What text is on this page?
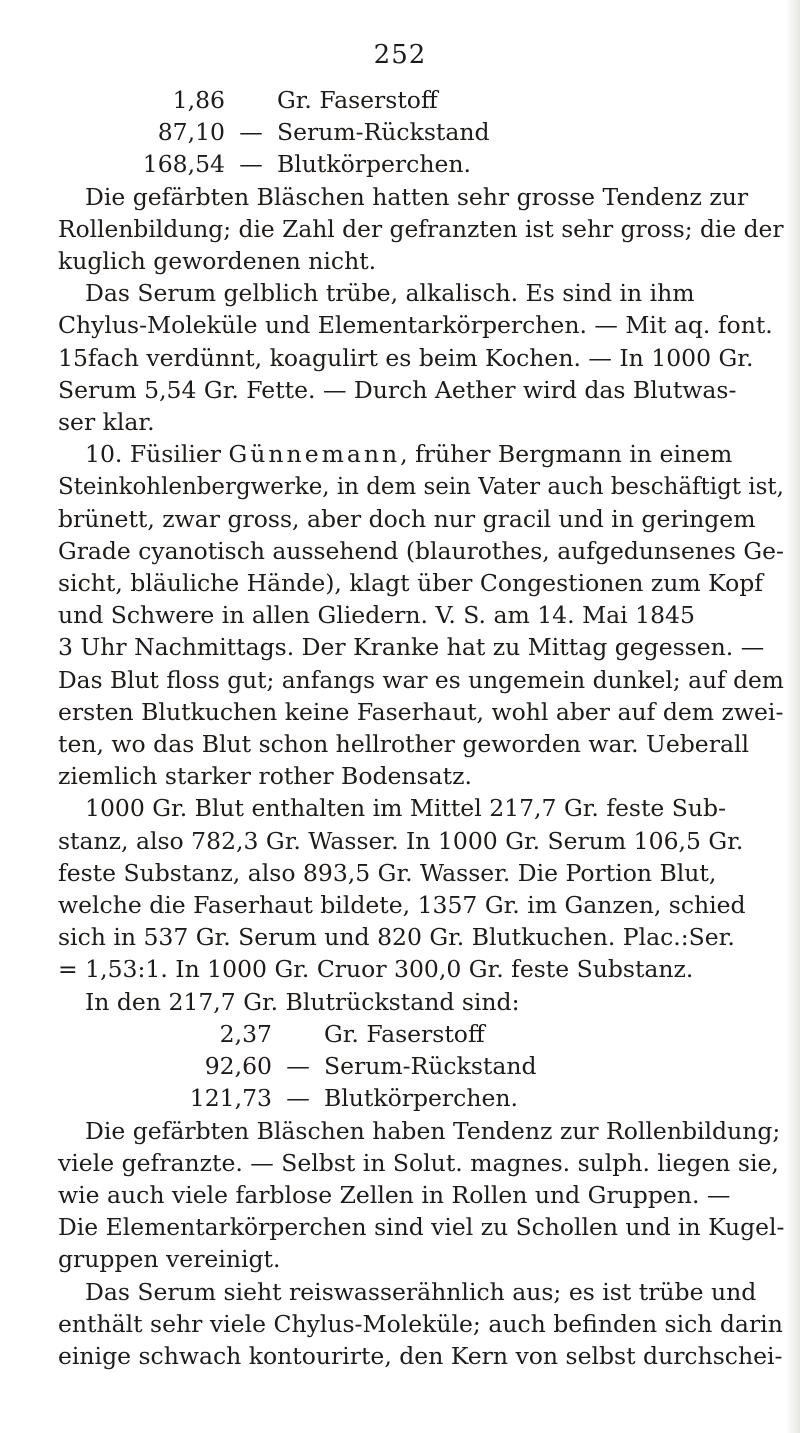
252
1,86 Gr. Faserstoff
87,10 — Serum-Rückstand
168,54 — Blutkörperchen.
Die gefärbten Bläschen hatten sehr grosse Tendenz zur
Rollenbildung; die Zahl der gefranzten ist sehr gross; die der
kuglich gewordenen nicht.
Das Serum gelblich trübe, alkalisch. Es sind in ihm
Chylus-Moleküle und Elementarkörperchen. — Mit aq. font.
15fach verdünnt, koagulirt es beim Kochen. — In 1000 Gr.
Serum 5,54 Gr. Fette. — Durch Aether wird das Blutwas-
ser klar.
10. Füsilier Günnemann, früher Bergmann in einem
Steinkohlenbergwerke, in dem sein Vater auch beschäftigt ist,
brünett, zwar gross, aber doch nur gracil und in geringem
Grade cyanotisch aussehend (blaurothes, aufgedunsenes Ge-
sicht, bläuliche Hände), klagt über Congestionen zum Kopf
und Schwere in allen Gliedern. V. S. am 14. Mai 1845
3 Uhr Nachmittags. Der Kranke hat zu Mittag gegessen. —
Das Blut floss gut; anfangs war es ungemein dunkel; auf dem
ersten Blutkuchen keine Faserhaut, wohl aber auf dem zwei-
ten, wo das Blut schon hellrother geworden war. Ueberall
ziemlich starker rother Bodensatz.
1000 Gr. Blut enthalten im Mittel 217,7 Gr. feste Sub-
stanz, also 782,3 Gr. Wasser. In 1000 Gr. Serum 106,5 Gr.
feste Substanz, also 893,5 Gr. Wasser. Die Portion Blut,
welche die Faserhaut bildete, 1357 Gr. im Ganzen, schied
sich in 537 Gr. Serum und 820 Gr. Blutkuchen. Plac.:Ser.
= 1,53:1. In 1000 Gr. Cruor 300,0 Gr. feste Substanz.
In den 217,7 Gr. Blutrückstand sind:
2,37 Gr. Faserstoff
92,60 — Serum-Rückstand
121,73 — Blutkörperchen.
Die gefärbten Bläschen haben Tendenz zur Rollenbildung;
viele gefranzte. — Selbst in Solut. magnes. sulph. liegen sie,
wie auch viele farblose Zellen in Rollen und Gruppen. —
Die Elementarkörperchen sind viel zu Schollen und in Kugel-
gruppen vereinigt.
Das Serum sieht reiswasserähnlich aus; es ist trübe und
enthält sehr viele Chylus-Moleküle; auch befinden sich darin
einige schwach kontourirte, den Kern von selbst durchschei-
